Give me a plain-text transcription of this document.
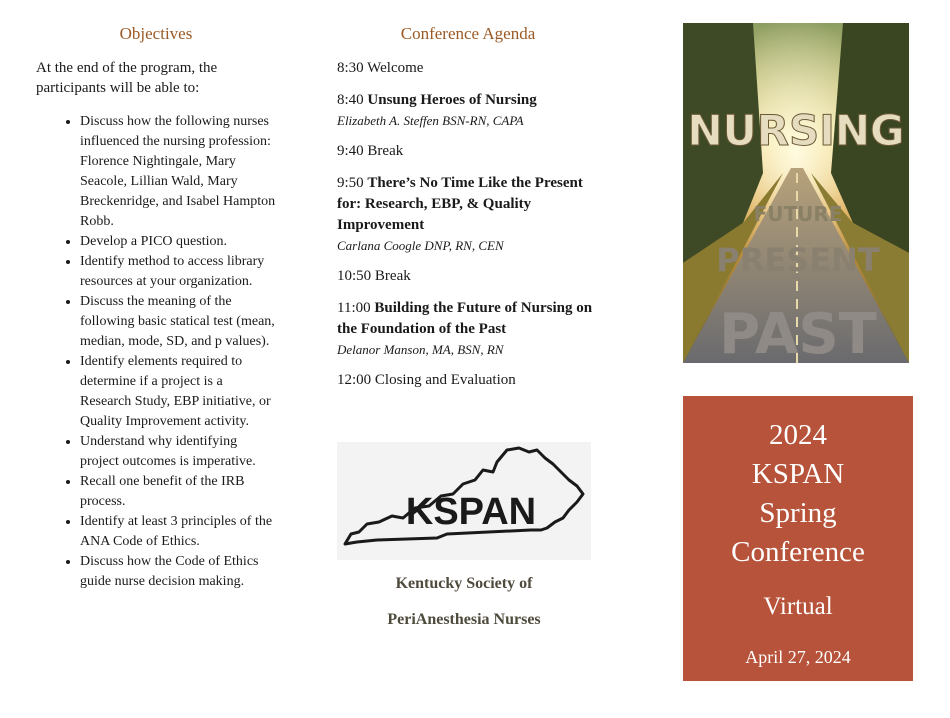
Objectives

At the end of the program, the participants will be able to:

• Discuss how the following nurses influenced the nursing profession: Florence Nightingale, Mary Seacole, Lillian Wald, Mary Breckenridge, and Isabel Hampton Robb.
• Develop a PICO question.
• Identify method to access library resources at your organization.
• Discuss the meaning of the following basic statical test (mean, median, mode, SD, and p values).
• Identify elements required to determine if a project is a Research Study, EBP initiative, or Quality Improvement activity.
• Understand why identifying project outcomes is imperative.
• Recall one benefit of the IRB process.
• Identify at least 3 principles of the ANA Code of Ethics.
• Discuss how the Code of Ethics guide nurse decision making.
Conference Agenda
8:30 Welcome
8:40 Unsung Heroes of Nursing
Elizabeth A. Steffen BSN-RN, CAPA
9:40 Break
9:50 There’s No Time Like the Present for: Research, EBP, & Quality Improvement
Carlana Coogle DNP, RN, CEN
10:50 Break
11:00 Building the Future of Nursing on the Foundation of the Past
Delanor Manson, MA, BSN, RN
12:00 Closing and Evaluation
KSPAN
Kentucky Society of
PeriAnesthesia Nurses
NURSING
FUTURE
PRESENT
PAST
2024
KSPAN
Spring
Conference
Virtual
April 27, 2024
